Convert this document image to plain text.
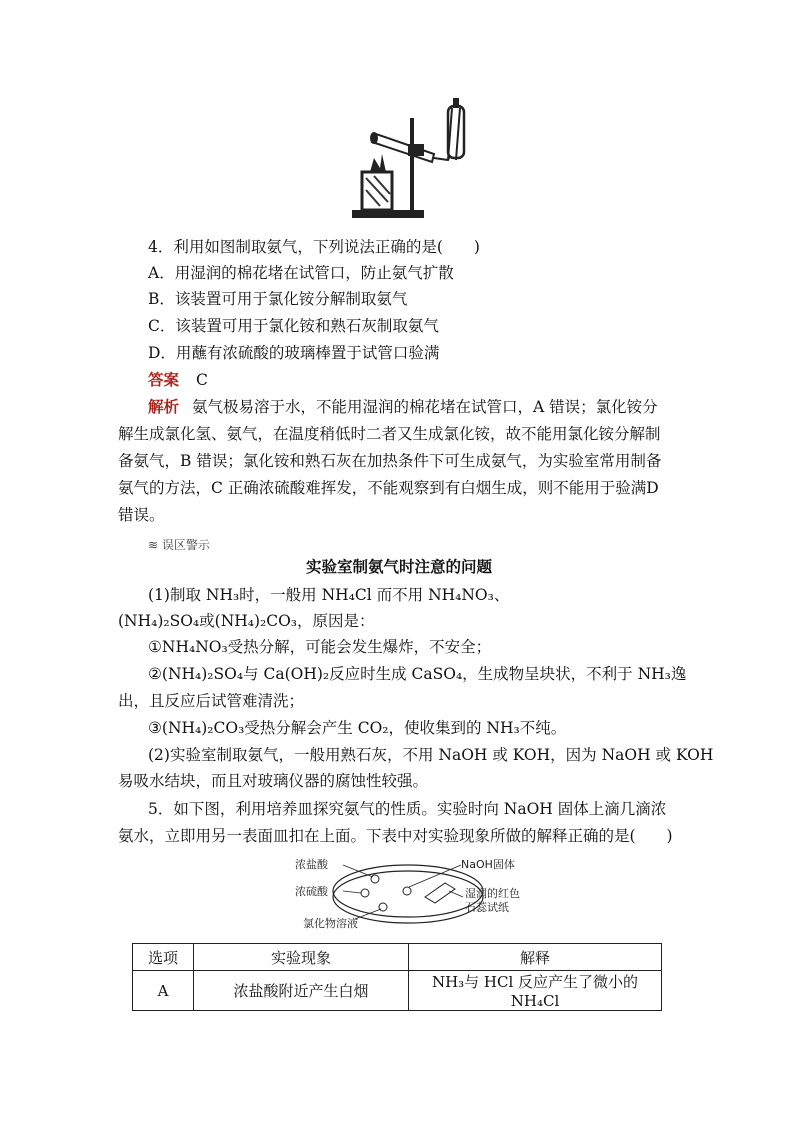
4．利用如图制取氨气，下列说法正确的是(　　)
A．用湿润的棉花堵在试管口，防止氨气扩散
B．该装置可用于氯化铵分解制取氨气
C．该装置可用于氯化铵和熟石灰制取氨气
D．用蘸有浓硫酸的玻璃棒置于试管口验满
答案 C
解析 氨气极易溶于水，不能用湿润的棉花堵在试管口，A 错误；氯化铵分
解生成氯化氢、氨气，在温度稍低时二者又生成氯化铵，故不能用氯化铵分解制
备氨气，B 错误；氯化铵和熟石灰在加热条件下可生成氨气，为实验室常用制备
氨气的方法，C 正确浓硫酸难挥发，不能观察到有白烟生成，则不能用于验满D
错误。
≋ 误区警示
实验室制氨气时注意的问题
(1)制取 NH₃时，一般用 NH₄Cl 而不用 NH₄NO₃、
(NH₄)₂SO₄或(NH₄)₂CO₃，原因是：
①NH₄NO₃受热分解，可能会发生爆炸，不安全；
②(NH₄)₂SO₄与 Ca(OH)₂反应时生成 CaSO₄，生成物呈块状，不利于 NH₃逸
出，且反应后试管难清洗；
③(NH₄)₂CO₃受热分解会产生 CO₂，使收集到的 NH₃不纯。
(2)实验室制取氨气，一般用熟石灰，不用 NaOH 或 KOH，因为 NaOH 或 KOH
易吸水结块，而且对玻璃仪器的腐蚀性较强。
5．如下图，利用培养皿探究氨气的性质。实验时向 NaOH 固体上滴几滴浓
氨水，立即用另一表面皿扣在上面。下表中对实验现象所做的解释正确的是(　　)
浓盐酸
浓硫酸
氯化物溶液
NaOH固体
湿润的红色
石蕊试纸
选项	实验现象	解释
A	浓盐酸附近产生白烟	NH₃与 HCl 反应产生了微小的 NH₄Cl
